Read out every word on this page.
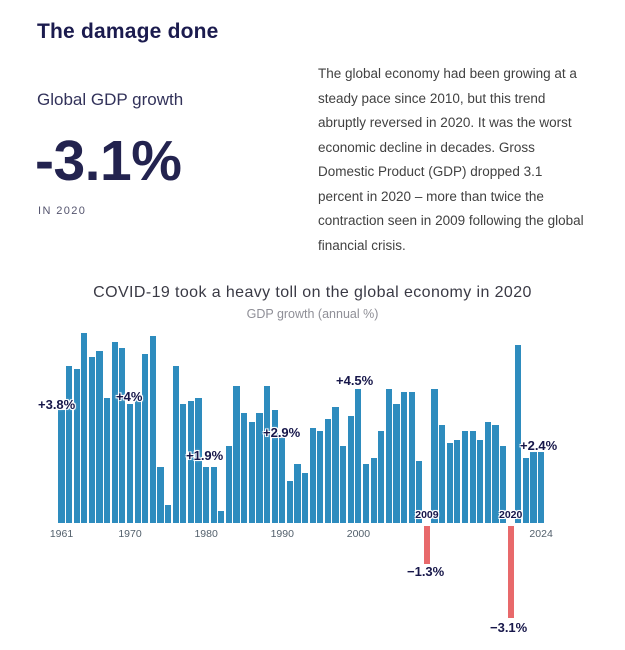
The damage done
Global GDP growth
-3.1%
IN 2020

The global economy had been growing at a steady pace since 2010, but this trend abruptly reversed in 2020. It was the worst economic decline in decades. Gross Domestic Product (GDP) dropped 3.1 percent in 2020 – more than twice the contraction seen in 2009 following the global financial crisis.

COVID-19 took a heavy toll on the global economy in 2020
GDP growth (annual %)
1961	1970	1980	1990	2000
2009	2020
2024
+3.8%
+4%
+1.9%
+2.9%
+4.5%
+2.4%
−1.3%
−3.1%
